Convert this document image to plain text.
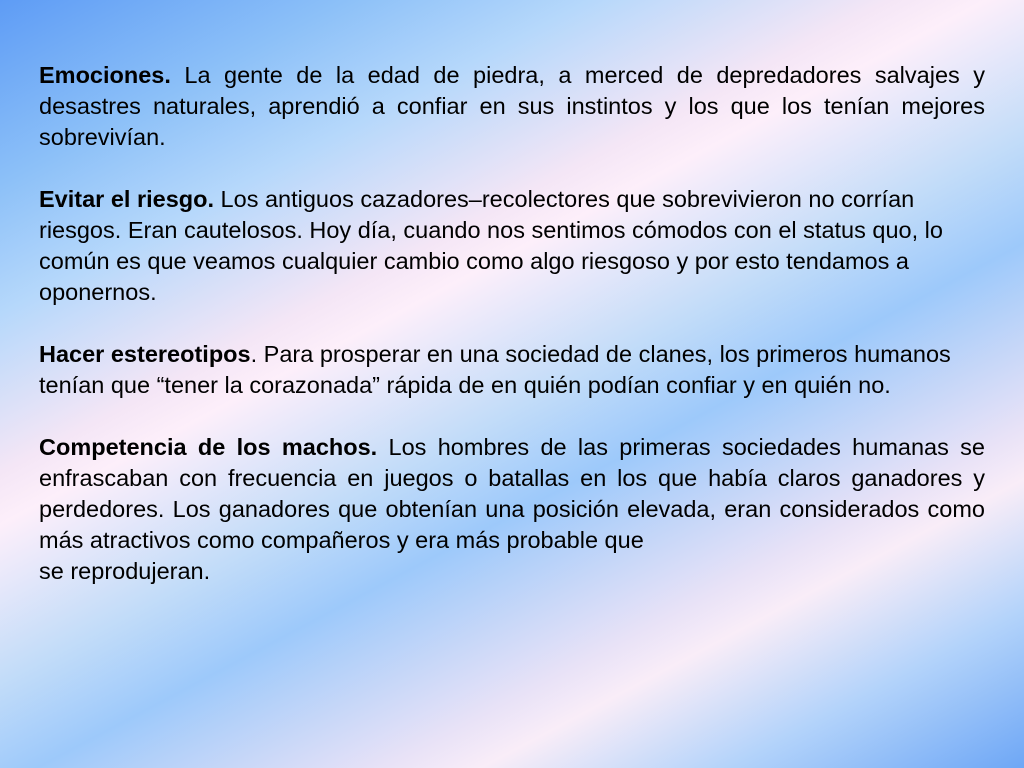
Emociones. La gente de la edad de piedra, a merced de depredadores salvajes y desastres naturales, aprendió a confiar en sus instintos y los que los tenían mejores sobrevivían.

Evitar el riesgo. Los antiguos cazadores–recolectores que sobrevivieron no corrían riesgos. Eran cautelosos. Hoy día, cuando nos sentimos cómodos con el status quo, lo común es que veamos cualquier cambio como algo riesgoso y por esto tendamos a oponernos.

Hacer estereotipos. Para prosperar en una sociedad de clanes, los primeros humanos tenían que “tener la corazonada” rápida de en quién podían confiar y en quién no.

Competencia de los machos. Los hombres de las primeras sociedades humanas se enfrascaban con frecuencia en juegos o batallas en los que había claros ganadores y perdedores. Los ganadores que obtenían una posición elevada, eran considerados como más atractivos como compañeros y era más probable que
se reprodujeran.
